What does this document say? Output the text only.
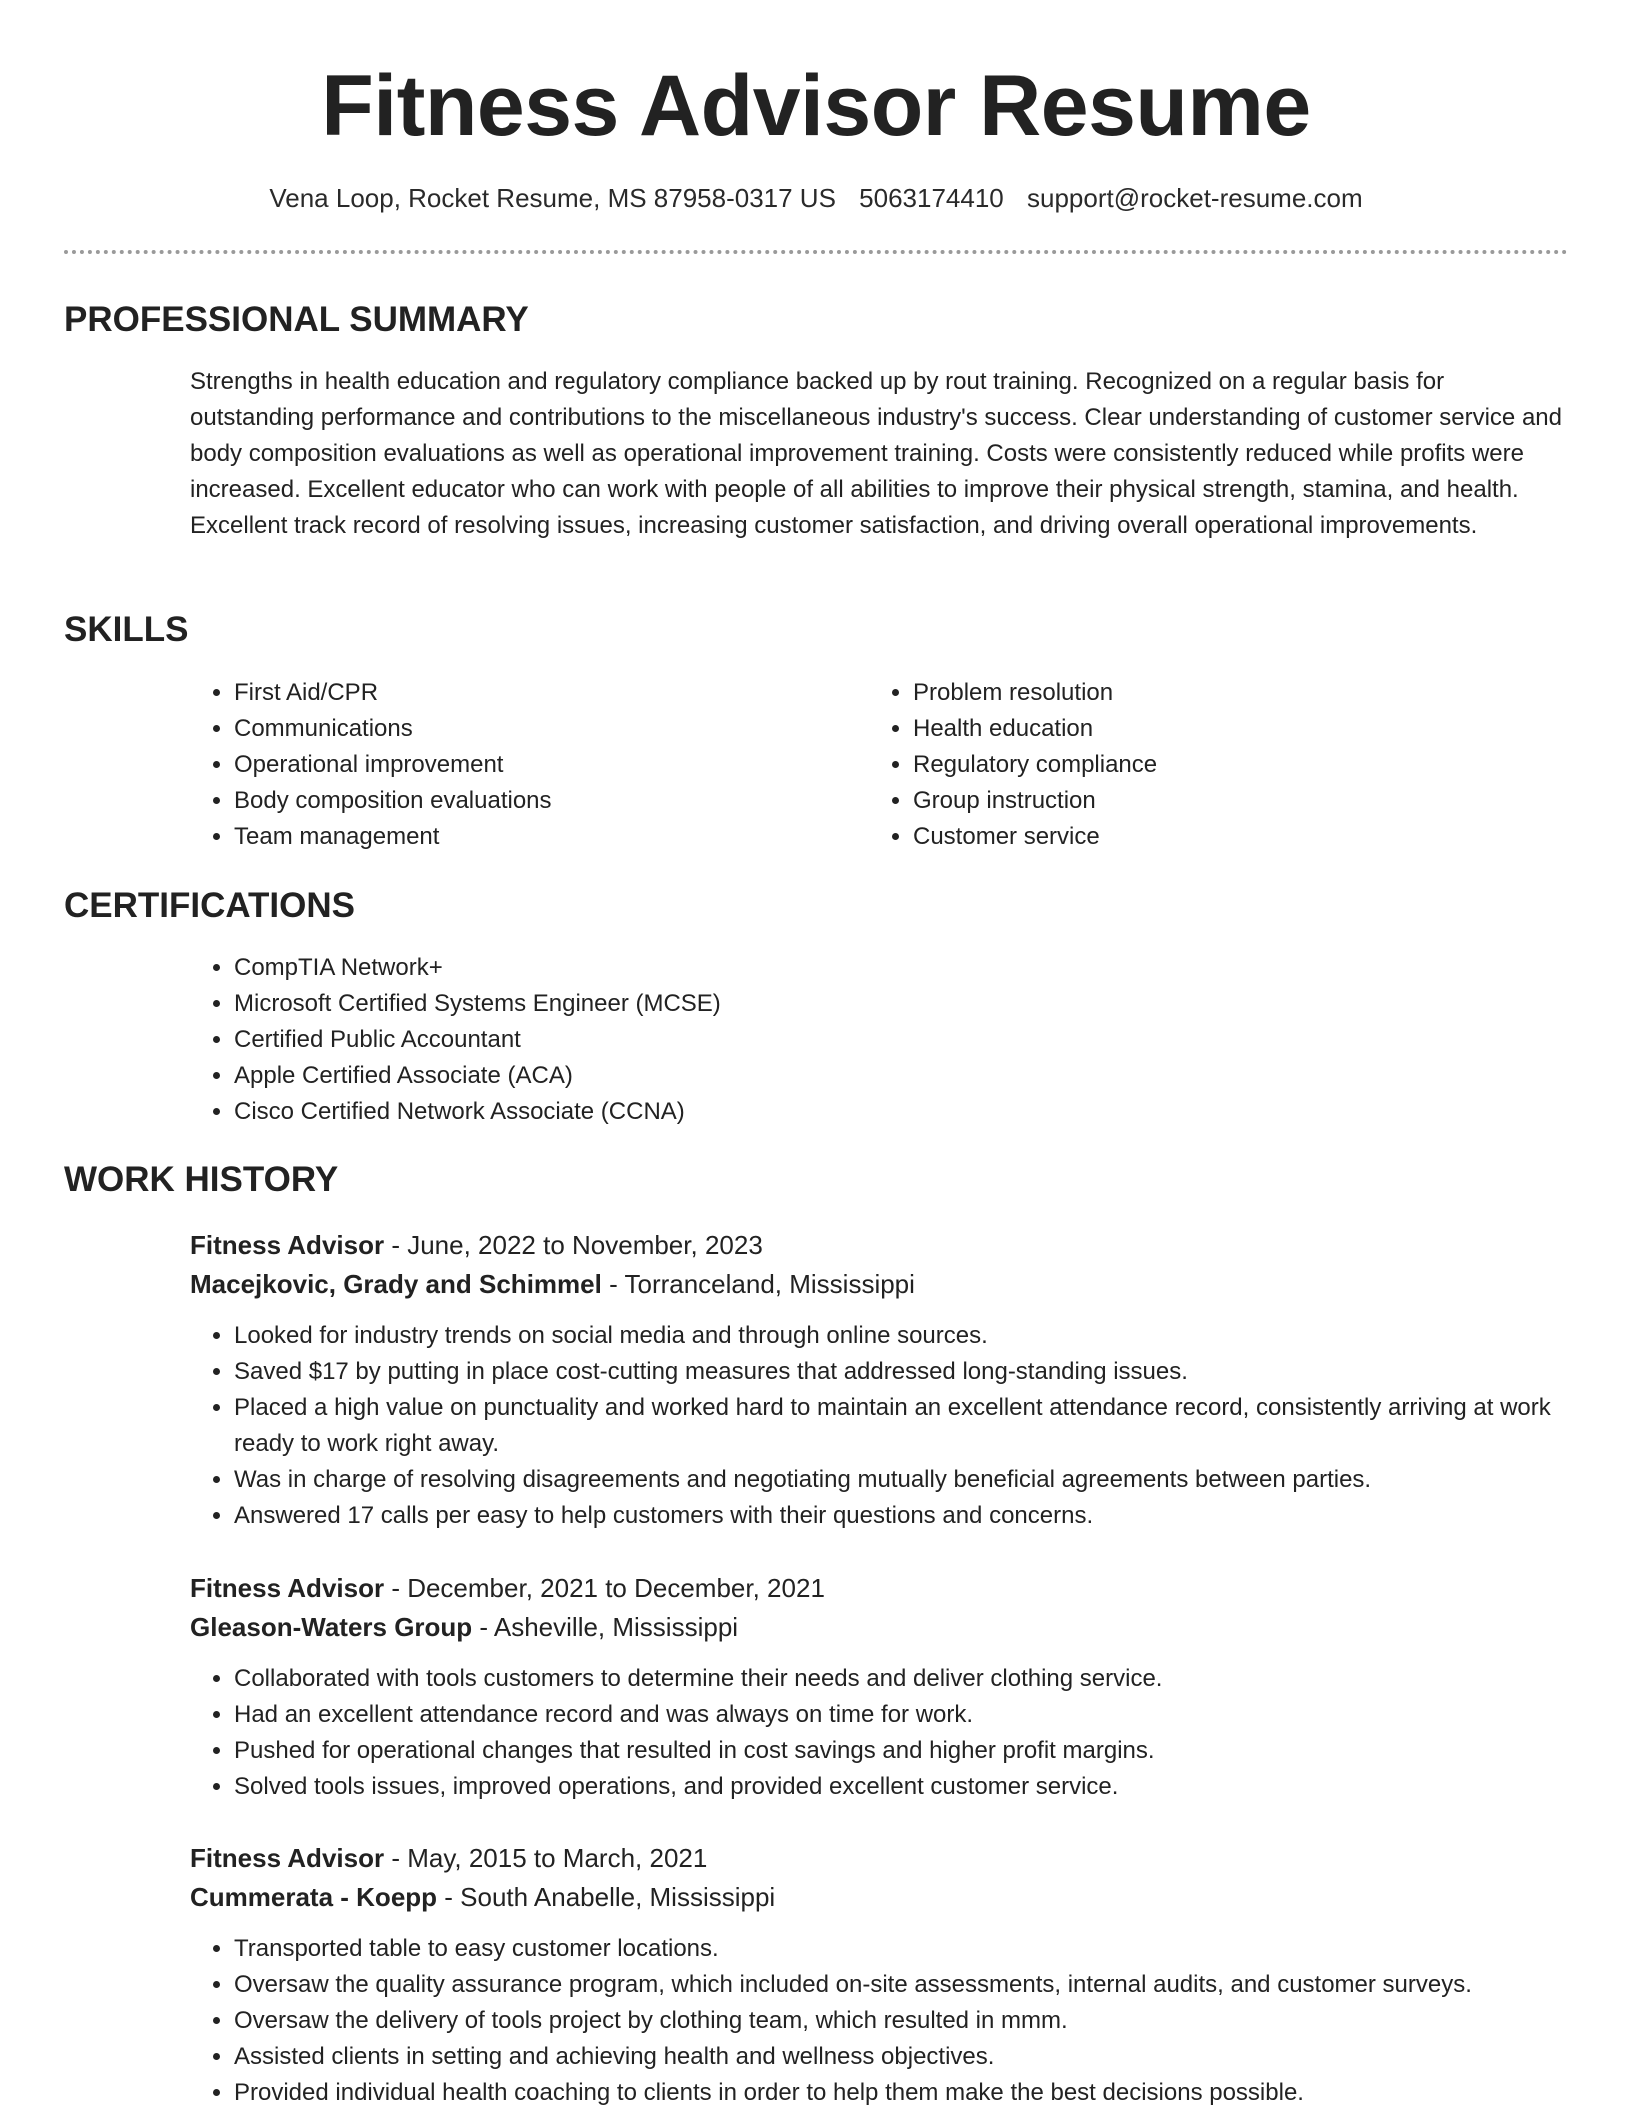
Fitness Advisor Resume
Vena Loop, Rocket Resume, MS 87958-0317 US 5063174410 support@rocket-resume.com
PROFESSIONAL SUMMARY

Strengths in health education and regulatory compliance backed up by rout training. Recognized on a regular basis for outstanding performance and contributions to the miscellaneous industry's success. Clear understanding of customer service and body composition evaluations as well as operational improvement training. Costs were consistently reduced while profits were increased. Excellent educator who can work with people of all abilities to improve their physical strength, stamina, and health. Excellent track record of resolving issues, increasing customer satisfaction, and driving overall operational improvements.

SKILLS
• First Aid/CPR
• Communications
• Operational improvement
• Body composition evaluations
• Team management
• Problem resolution
• Health education
• Regulatory compliance
• Group instruction
• Customer service
CERTIFICATIONS
• CompTIA Network+
• Microsoft Certified Systems Engineer (MCSE)
• Certified Public Accountant
• Apple Certified Associate (ACA)
• Cisco Certified Network Associate (CCNA)
WORK HISTORY

Fitness Advisor - June, 2022 to November, 2023

Macejkovic, Grady and Schimmel - Torranceland, Mississippi

• Looked for industry trends on social media and through online sources.
• Saved $17 by putting in place cost-cutting measures that addressed long-standing issues.
• Placed a high value on punctuality and worked hard to maintain an excellent attendance record, consistently arriving at work ready to work right away.
• Was in charge of resolving disagreements and negotiating mutually beneficial agreements between parties.
• Answered 17 calls per easy to help customers with their questions and concerns.

Fitness Advisor - December, 2021 to December, 2021

Gleason-Waters Group - Asheville, Mississippi

• Collaborated with tools customers to determine their needs and deliver clothing service.
• Had an excellent attendance record and was always on time for work.
• Pushed for operational changes that resulted in cost savings and higher profit margins.
• Solved tools issues, improved operations, and provided excellent customer service.

Fitness Advisor - May, 2015 to March, 2021

Cummerata - Koepp - South Anabelle, Mississippi

• Transported table to easy customer locations.
• Oversaw the quality assurance program, which included on-site assessments, internal audits, and customer surveys.
• Oversaw the delivery of tools project by clothing team, which resulted in mmm.
• Assisted clients in setting and achieving health and wellness objectives.
• Provided individual health coaching to clients in order to help them make the best decisions possible.
